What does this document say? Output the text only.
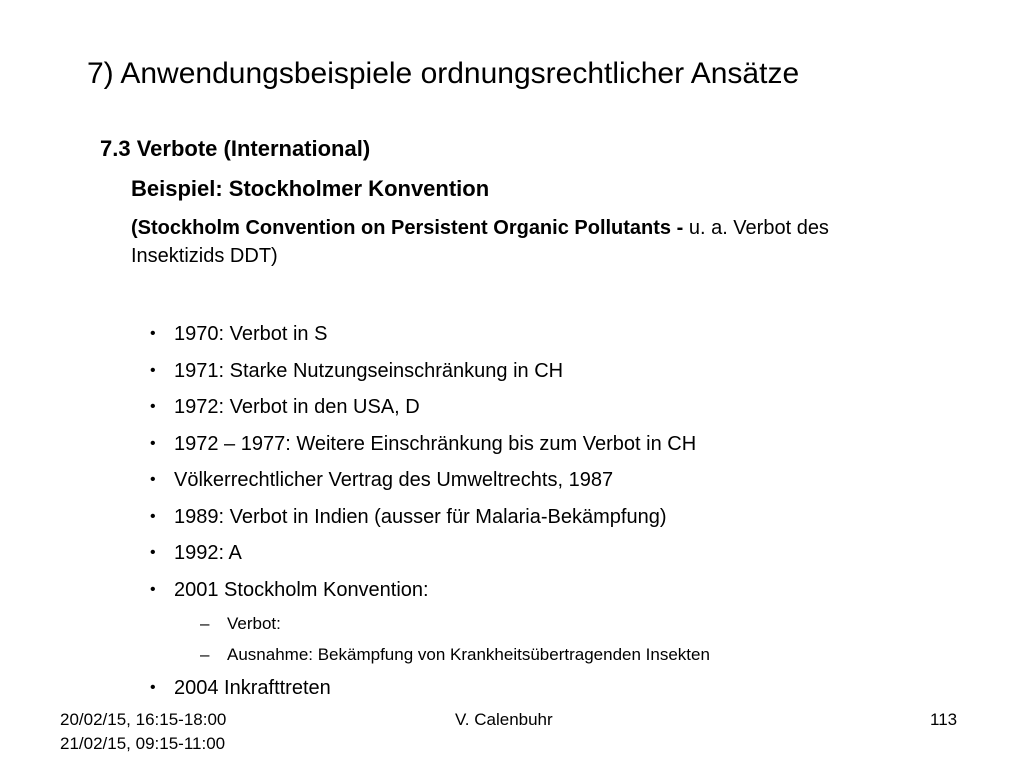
7) Anwendungsbeispiele ordnungsrechtlicher Ansätze
7.3 Verbote (International)
Beispiel: Stockholmer Konvention
(Stockholm Convention on Persistent Organic Pollutants - u. a. Verbot des Insektizids DDT)
• 1970: Verbot in S
• 1971: Starke Nutzungseinschränkung in CH
• 1972: Verbot in den USA, D
• 1972 – 1977: Weitere Einschränkung bis zum Verbot in CH
• Völkerrechtlicher Vertrag des Umweltrechts, 1987
• 1989: Verbot in Indien (ausser für Malaria-Bekämpfung)
• 1992: A
• 2001 Stockholm Konvention:
– Verbot:
– Ausnahme: Bekämpfung von Krankheitsübertragenden Insekten
• 2004 Inkrafttreten
20/02/15, 16:15-18:00
21/02/15, 09:15-11:00
V. Calenbuhr	113
